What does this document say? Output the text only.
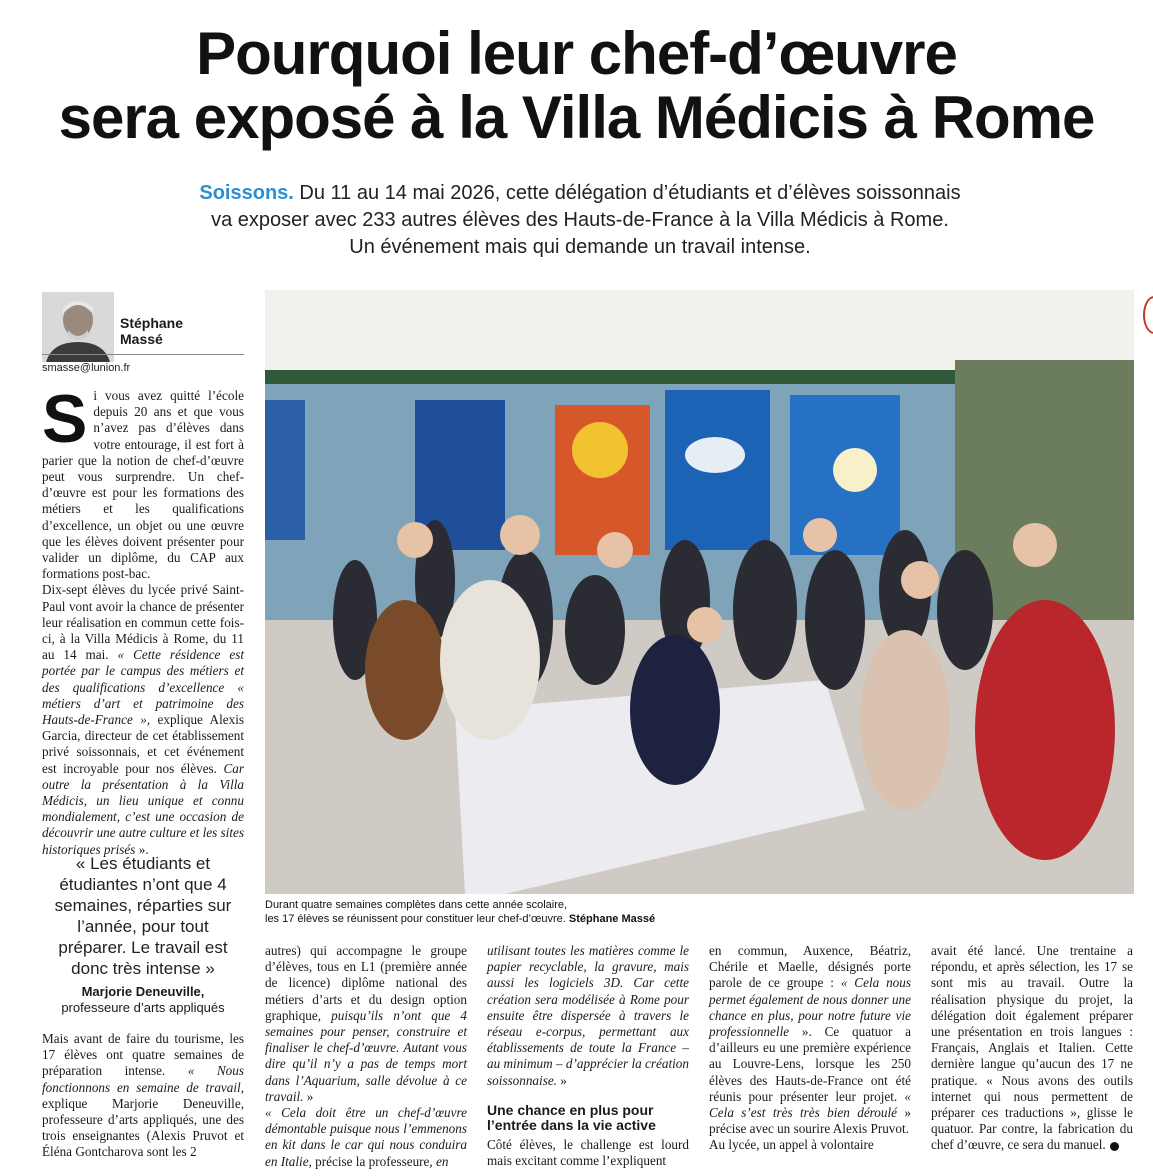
Pourquoi leur chef-d’œuvre
sera exposé à la Villa Médicis à Rome
Soissons. Du 11 au 14 mai 2026, cette délégation d’étudiants et d’élèves soissonnais
va exposer avec 233 autres élèves des Hauts-de-France à la Villa Médicis à Rome.
Un événement mais qui demande un travail intense.
Stéphane
Massé
smasse@lunion.fr
S i vous avez quitté l’école depuis 20 ans et que vous n’avez pas d’élèves dans votre entourage, il est fort à parier que la notion de chef-d’œuvre peut vous surprendre. Un chef-d’œuvre est pour les formations des métiers et les qualifications d’excellence, un objet ou une œuvre que les élèves doivent présenter pour valider un diplôme, du CAP aux formations post-bac.

Dix-sept élèves du lycée privé Saint-Paul vont avoir la chance de présenter leur réalisation en commun cette fois-ci, à la Villa Médicis à Rome, du 11 au 14 mai. « Cette résidence est portée par le campus des métiers et des qualifications d’excellence « métiers d’art et patrimoine des Hauts-de-France », explique Alexis Garcia, directeur de cet établissement privé soissonnais, et cet événement est incroyable pour nos élèves. Car outre la présentation à la Villa Médicis, un lieu unique et connu mondialement, c’est une occasion de découvrir une autre culture et les sites historiques prisés ».

« Les étudiants et étudiantes n’ont que 4 semaines, réparties sur l’année, pour tout préparer. Le travail est donc très intense »
Marjorie Deneuville,
professeure d’arts appliqués

Mais avant de faire du tourisme, les 17 élèves ont quatre semaines de préparation intense. « Nous fonctionnons en semaine de travail, explique Marjorie Deneuville, professeure d’arts appliqués, une des trois enseignantes (Alexis Pruvot et Éléna Gontcharova sont les 2

Durant quatre semaines complètes dans cette année scolaire,
les 17 élèves se réunissent pour constituer leur chef-d’œuvre. Stéphane Massé

autres) qui accompagne le groupe d’élèves, tous en L1 (première année de licence) diplôme national des métiers d’arts et du design option graphique, puisqu’ils n’ont que 4 semaines pour penser, construire et finaliser le chef-d’œuvre. Autant vous dire qu’il n’y a pas de temps mort dans l’Aquarium, salle dévolue à ce travail. »

« Cela doit être un chef-d’œuvre démontable puisque nous l’emmenons en kit dans le car qui nous conduira en Italie, précise la professeure, en

utilisant toutes les matières comme le papier recyclable, la gravure, mais aussi les logiciels 3D. Car cette création sera modélisée à Rome pour ensuite être dispersée à travers le réseau e-corpus, permettant aux établissements de toute la France – au minimum – d’apprécier la création soissonnaise. »

Une chance en plus pour l’entrée dans la vie active

Côté élèves, le challenge est lourd mais excitant comme l’expliquent

en commun, Auxence, Béatriz, Chérile et Maelle, désignés porte parole de ce groupe : « Cela nous permet également de nous donner une chance en plus, pour notre future vie professionnelle ». Ce quatuor a d’ailleurs eu une première expérience au Louvre-Lens, lorsque les 250 élèves des Hauts-de-France ont été réunis pour présenter leur projet. « Cela s’est très très bien déroulé » précise avec un sourire Alexis Pruvot.

Au lycée, un appel à volontaire

avait été lancé. Une trentaine a répondu, et après sélection, les 17 se sont mis au travail. Outre la réalisation physique du projet, la délégation doit également préparer une présentation en trois langues : Français, Anglais et Italien. Cette dernière langue qu’aucun des 17 ne pratique. « Nous avons des outils internet qui nous permettent de préparer ces traductions », glisse le quatuor. Par contre, la fabrication du chef d’œuvre, ce sera du manuel.
